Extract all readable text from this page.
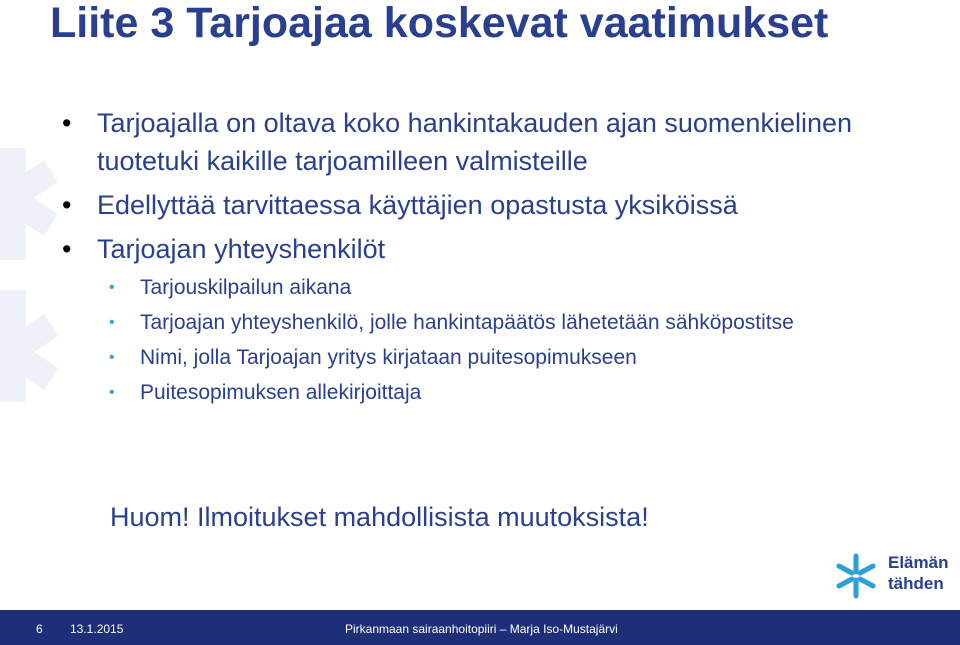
Liite 3 Tarjoajaa koskevat vaatimukset
• Tarjoajalla on oltava koko hankintakauden ajan suomenkielinen tuotetuki kaikille tarjoamilleen valmisteille
• Edellyttää tarvittaessa käyttäjien opastusta yksiköissä
• Tarjoajan yhteyshenkilöt
• Tarjouskilpailun aikana
• Tarjoajan yhteyshenkilö, jolle hankintapäätös lähetetään sähköpostitse
• Nimi, jolla Tarjoajan yritys kirjataan puitesopimukseen
• Puitesopimuksen allekirjoittaja
Huom! Ilmoitukset mahdollisista muutoksista!
Elämän
tähden
6 13.1.2015	Pirkanmaan sairaanhoitopiiri – Marja Iso-Mustajärvi
